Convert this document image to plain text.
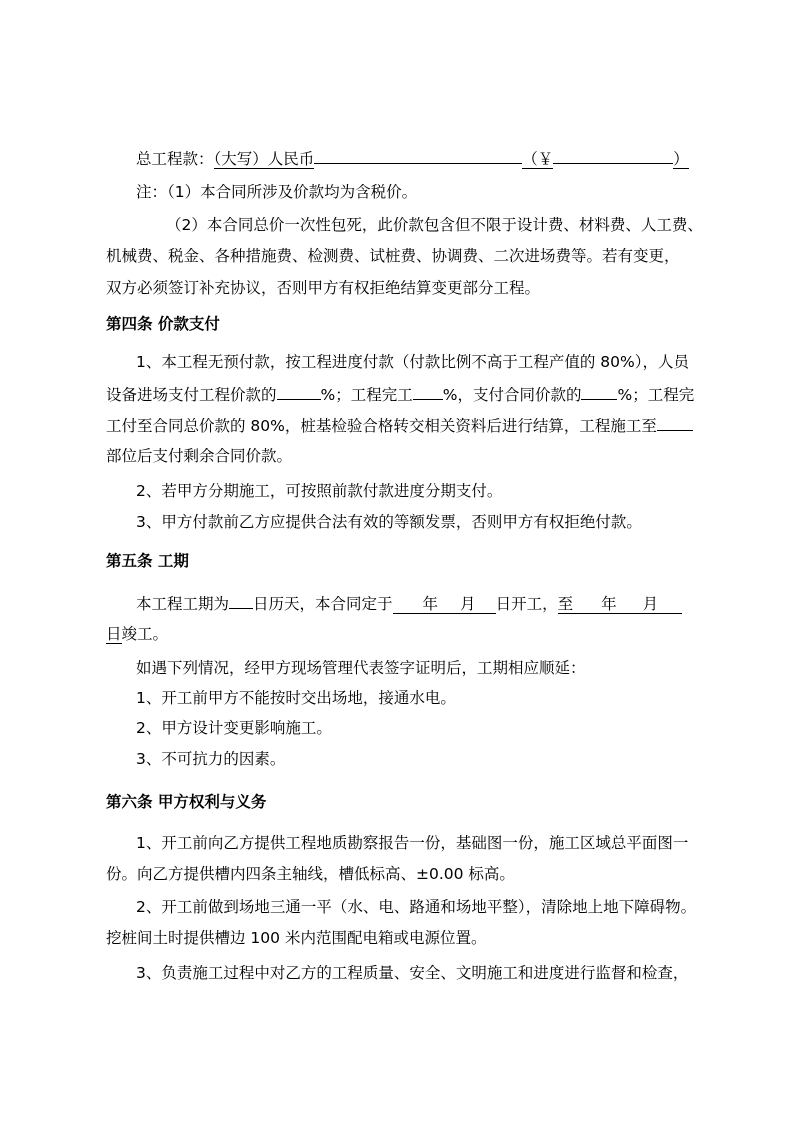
总工程款：（大写）人民币	（￥	）
注：（1）本合同所涉及价款均为含税价。
（2）本合同总价一次性包死，此价款包含但不限于设计费、材料费、人工费、
机械费、税金、各种措施费、检测费、试桩费、协调费、二次进场费等。若有变更，
双方必须签订补充协议，否则甲方有权拒绝结算变更部分工程。
第四条 价款支付
1、本工程无预付款，按工程进度付款（付款比例不高于工程产值的 80%），人员
设备进场支付工程价款的	%；工程完工 %，支付合同价款的 %；工程完
工付至合同总价款的 80%，桩基检验合格转交相关资料后进行结算，工程施工至
部位后支付剩余合同价款。
2、若甲方分期施工，可按照前款付款进度分期支付。
3、甲方付款前乙方应提供合法有效的等额发票，否则甲方有权拒绝付款。
第五条 工期
本工程工期为 日历天，本合同定于 年 月 日开工，至 年 月
日竣工。
如遇下列情况，经甲方现场管理代表签字证明后，工期相应顺延：
1、开工前甲方不能按时交出场地，接通水电。
2、甲方设计变更影响施工。
3、不可抗力的因素。
第六条 甲方权利与义务
1、开工前向乙方提供工程地质勘察报告一份，基础图一份，施工区域总平面图一
份。向乙方提供槽内四条主轴线，槽低标高、±0.00 标高。
2、开工前做到场地三通一平（水、电、路通和场地平整），清除地上地下障碍物。
挖桩间土时提供槽边 100 米内范围配电箱或电源位置。
3、负责施工过程中对乙方的工程质量、安全、文明施工和进度进行监督和检查，
